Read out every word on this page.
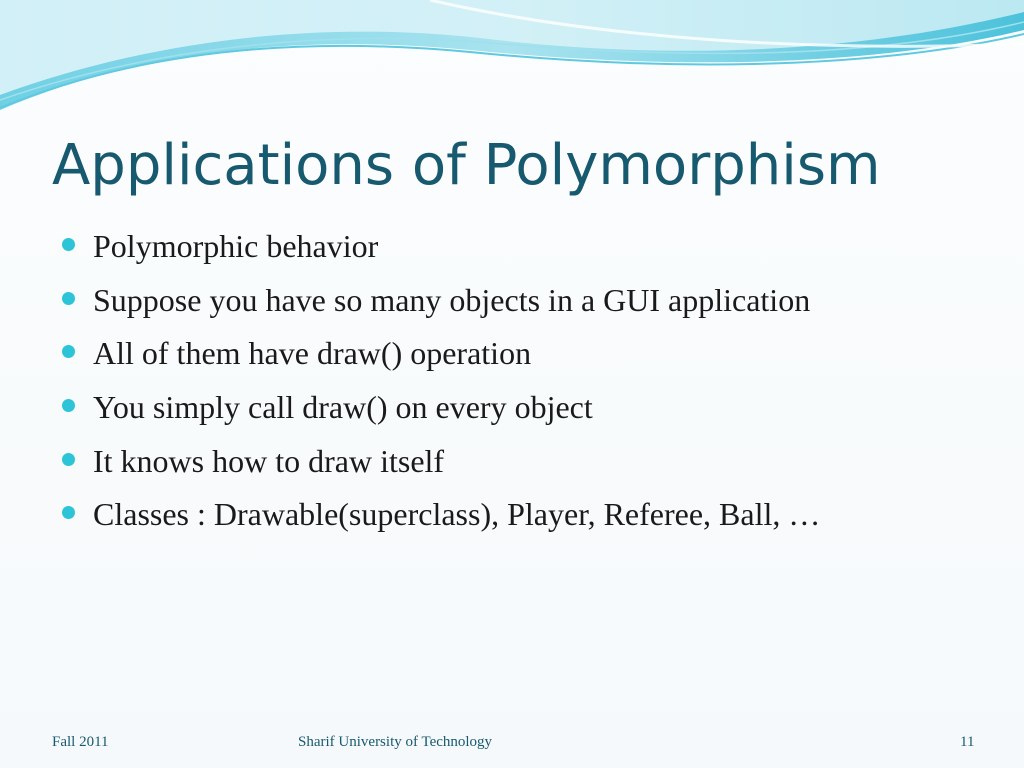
Applications of Polymorphism
Polymorphic behavior
Suppose you have so many objects in a GUI application
All of them have draw() operation
You simply call draw() on every object
It knows how to draw itself
Classes : Drawable(superclass), Player, Referee, Ball, …
Fall 2011	Sharif University of Technology	11
